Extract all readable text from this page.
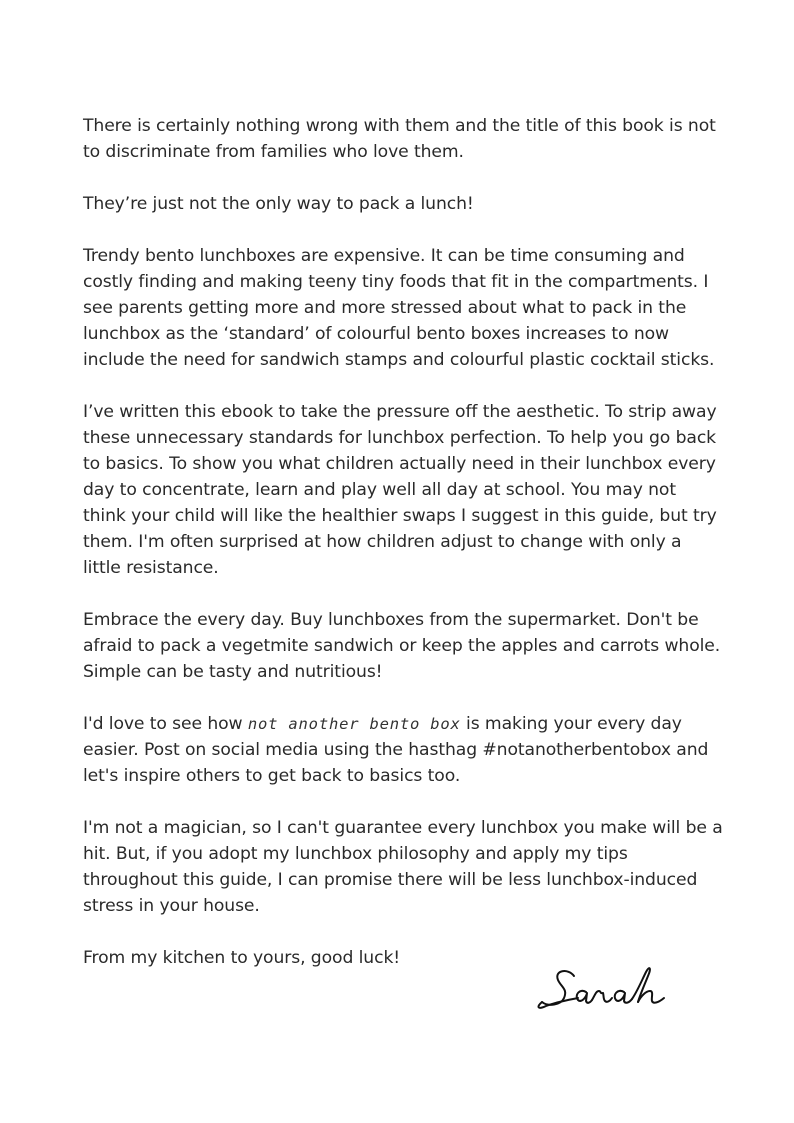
There is certainly nothing wrong with them and the title of this book is not to discriminate from families who love them.

They’re just not the only way to pack a lunch!

Trendy bento lunchboxes are expensive. It can be time consuming and costly finding and making teeny tiny foods that fit in the compartments. I see parents getting more and more stressed about what to pack in the lunchbox as the ‘standard’ of colourful bento boxes increases to now include the need for sandwich stamps and colourful plastic cocktail sticks.

I’ve written this ebook to take the pressure off the aesthetic. To strip away these unnecessary standards for lunchbox perfection. To help you go back to basics. To show you what children actually need in their lunchbox every day to concentrate, learn and play well all day at school. You may not think your child will like the healthier swaps I suggest in this guide, but try them. I'm often surprised at how children adjust to change with only a little resistance.

Embrace the every day. Buy lunchboxes from the supermarket. Don't be afraid to pack a vegetmite sandwich or keep the apples and carrots whole. Simple can be tasty and nutritious!

I'd love to see how not another bento box is making your every day easier. Post on social media using the hasthag #notanotherbentobox and let's inspire others to get back to basics too.

I'm not a magician, so I can't guarantee every lunchbox you make will be a hit. But, if you adopt my lunchbox philosophy and apply my tips throughout this guide, I can promise there will be less lunchbox-induced stress in your house.

From my kitchen to yours, good luck!
